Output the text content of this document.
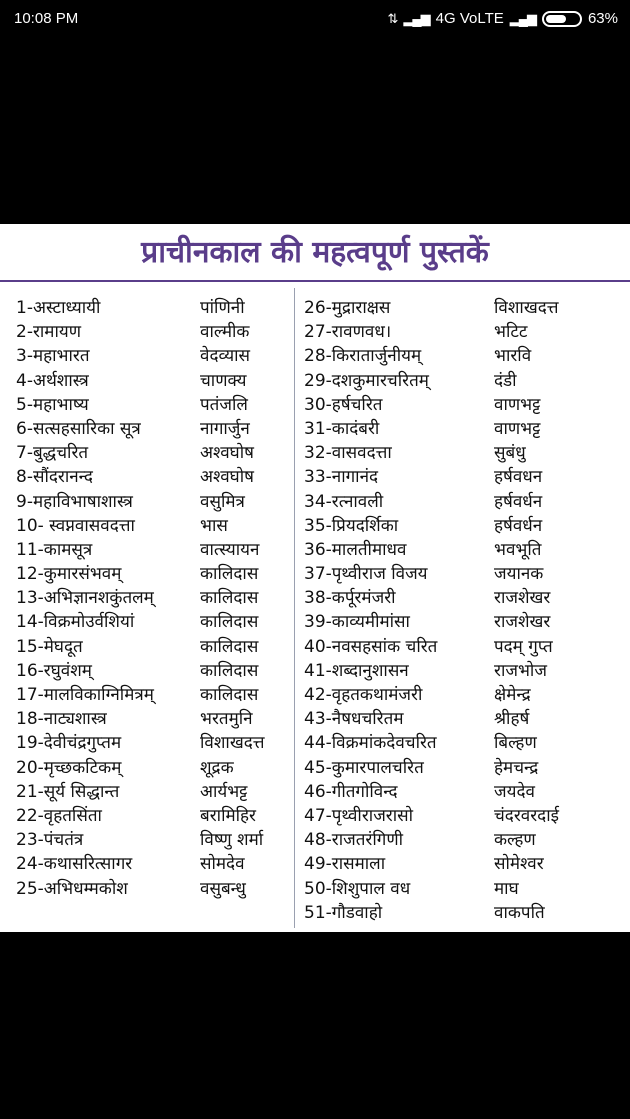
10:08 PM	⇅ ▂▄▆ 4G VoLTE ▂▄▆	63%
प्राचीनकाल की महत्वपूर्ण पुस्तकें
1-अस्टाध्यायी	पांणिनी
2-रामायण	वाल्मीक
3-महाभारत	वेदव्यास
4-अर्थशास्त्र	चाणक्य
5-महाभाष्य	पतंजलि
6-सत्सहसारिका सूत्र	नागार्जुन
7-बुद्धचरित	अश्वघोष
8-सौंदरानन्द	अश्वघोष
9-महाविभाषाशास्त्र	वसुमित्र
10- स्वप्नवासवदत्ता	भास
11-कामसूत्र	वात्स्यायन
12-कुमारसंभवम्	कालिदास
13-अभिज्ञानशकुंतलम्	कालिदास
14-विक्रमोउर्वशियां	कालिदास
15-मेघदूत	कालिदास
16-रघुवंशम्	कालिदास
17-मालविकाग्निमित्रम्	कालिदास
18-नाट्यशास्त्र	भरतमुनि
19-देवीचंद्रगुप्तम	विशाखदत्त
20-मृच्छकटिकम्	शूद्रक
21-सूर्य सिद्धान्त	आर्यभट्ट
22-वृहतसिंता	बरामिहिर
23-पंचतंत्र	विष्णु शर्मा
24-कथासरित्सागर	सोमदेव
25-अभिधम्मकोश	वसुबन्धु
26-मुद्राराक्षस	विशाखदत्त
27-रावणवध।	भटिट
28-किरातार्जुनीयम्	भारवि
29-दशकुमारचरितम्	दंडी
30-हर्षचरित	वाणभट्ट
31-कादंबरी	वाणभट्ट
32-वासवदत्ता	सुबंधु
33-नागानंद	हर्षवधन
34-रत्नावली	हर्षवर्धन
35-प्रियदर्शिका	हर्षवर्धन
36-मालतीमाधव	भवभूति
37-पृथ्वीराज विजय	जयानक
38-कर्पूरमंजरी	राजशेखर
39-काव्यमीमांसा	राजशेखर
40-नवसहसांक चरित	पदम् गुप्त
41-शब्दानुशासन	राजभोज
42-वृहतकथामंजरी	क्षेमेन्द्र
43-नैषधचरितम	श्रीहर्ष
44-विक्रमांकदेवचरित	बिल्हण
45-कुमारपालचरित	हेमचन्द्र
46-गीतगोविन्द	जयदेव
47-पृथ्वीराजरासो	चंदरवरदाई
48-राजतरंगिणी	कल्हण
49-रासमाला	सोमेश्वर
50-शिशुपाल वध	माघ
51-गौडवाहो	वाकपति
